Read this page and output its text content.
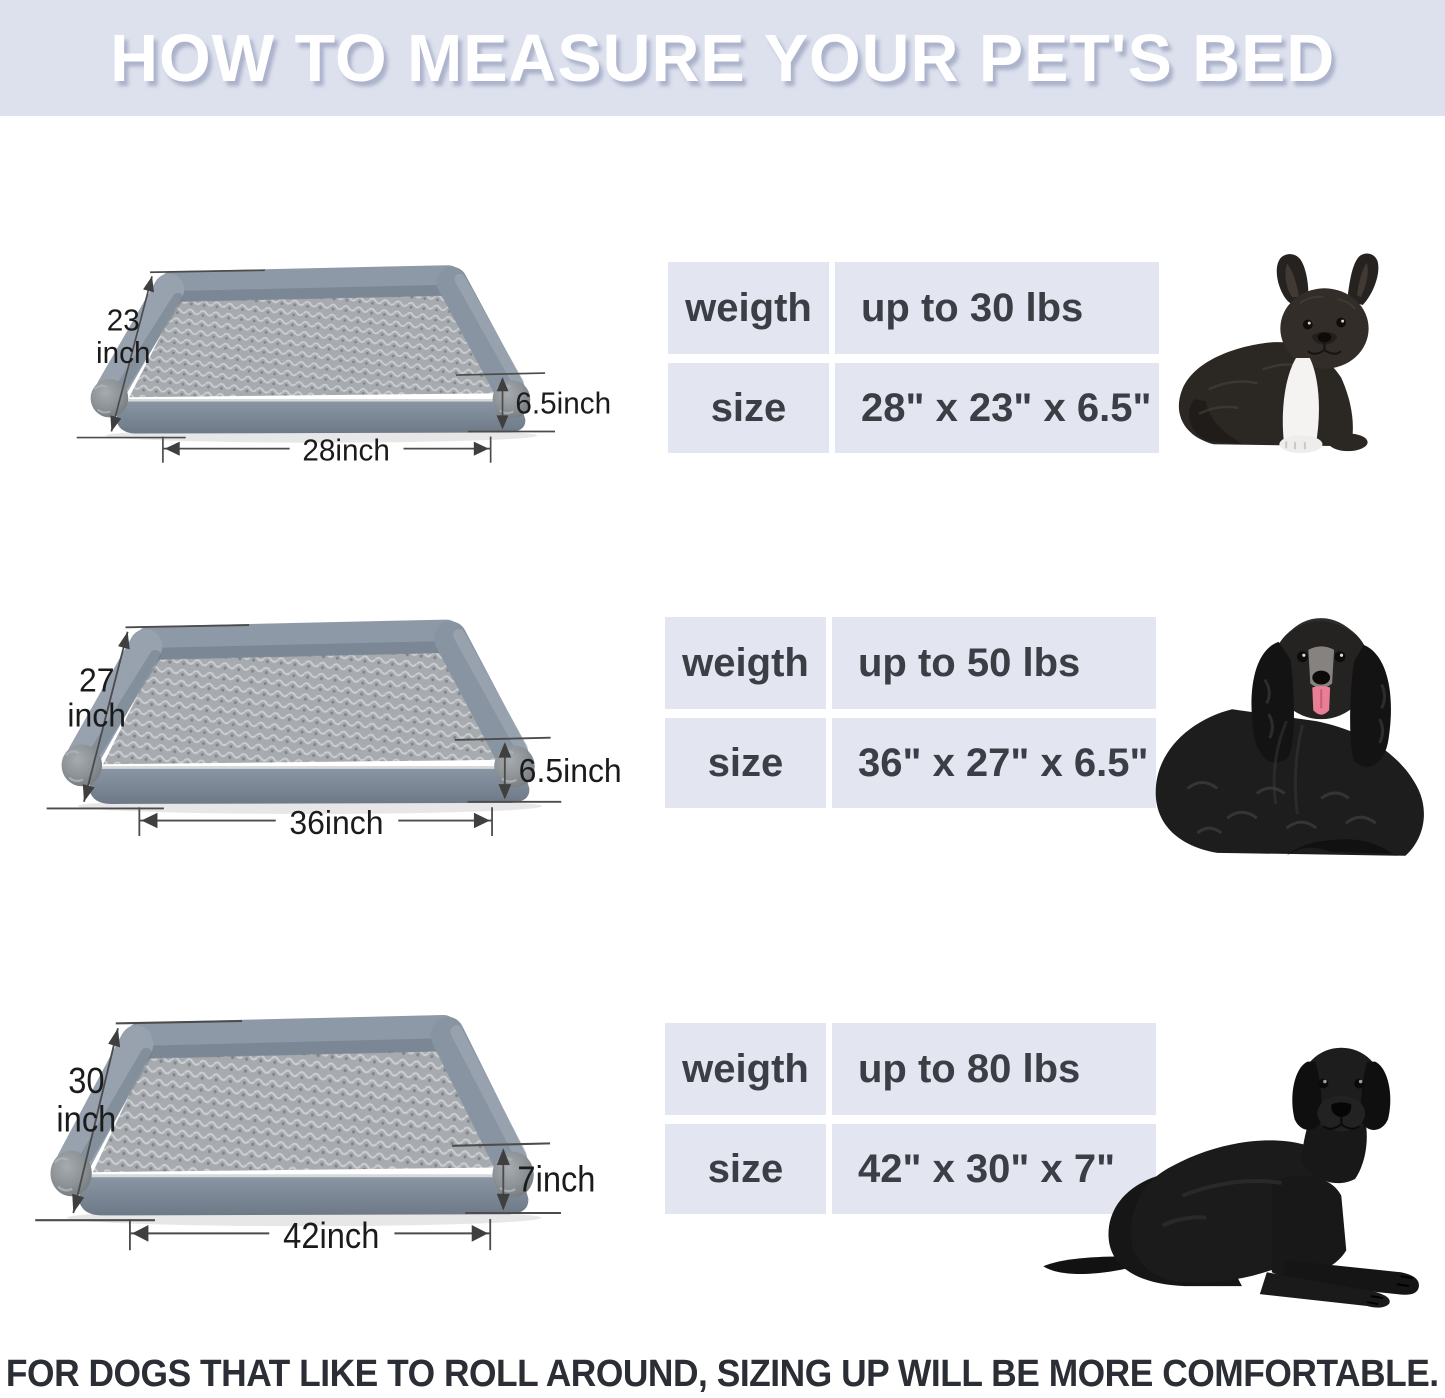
HOW TO MEASURE YOUR PET'S BED
23
inch
28inch
6.5inch
weigth	up to 30 lbs
size	28" x 23" x 6.5"
27
inch
36inch
6.5inch
weigth	up to 50 lbs
size	36" x 27" x 6.5"
30
inch
42inch
7inch
weigth	up to 80 lbs
size	42" x 30" x 7"
FOR DOGS THAT LIKE TO ROLL AROUND, SIZING UP WILL BE MORE COMFORTABLE.
